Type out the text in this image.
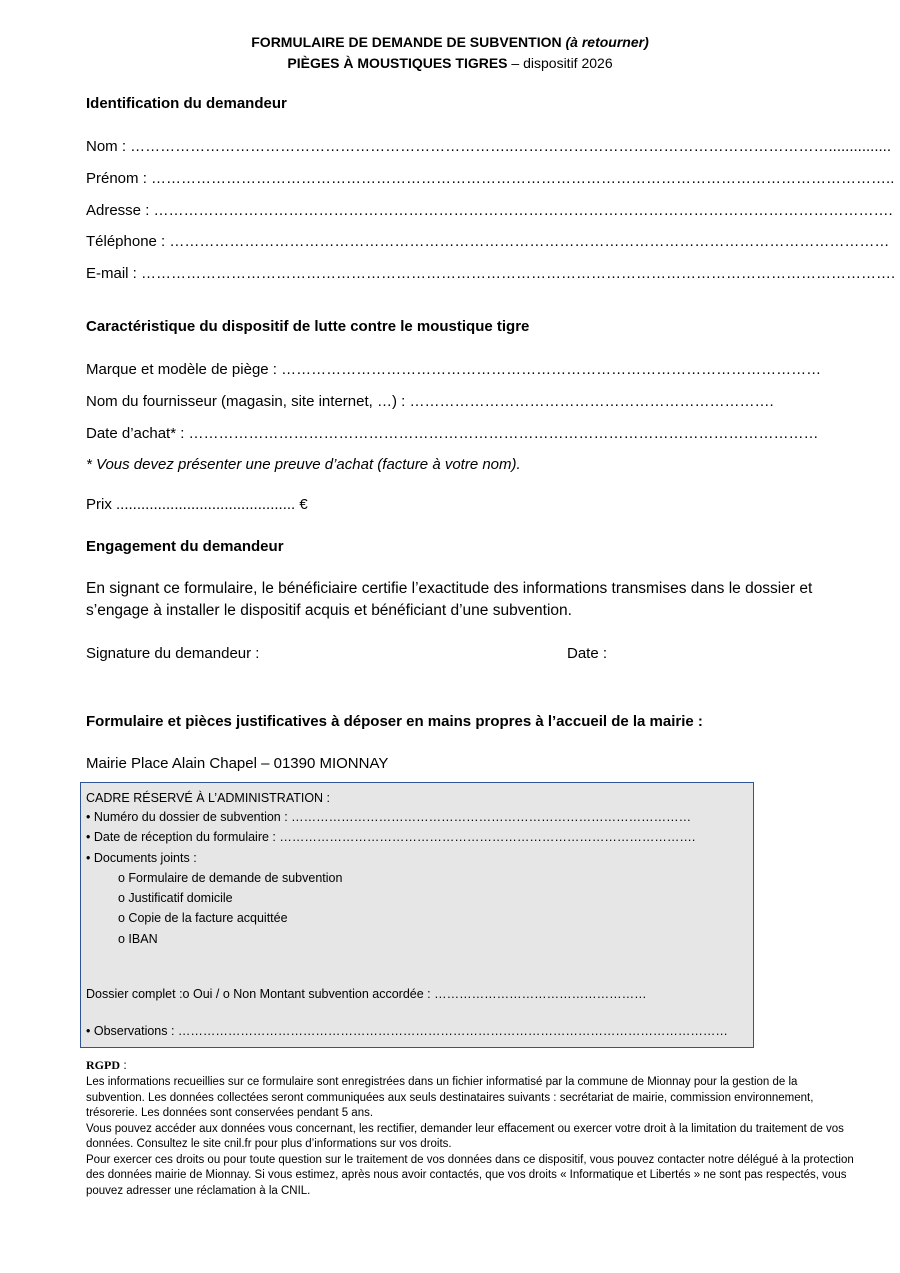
FORMULAIRE DE DEMANDE DE SUBVENTION (à retourner)
PIÈGES À MOUSTIQUES TIGRES – dispositif 2026
Identification du demandeur
Nom : …………………………………………………………………..………………………………………………………...............
Prénom : …………………………………………………………………………………………………………………………………..
Adresse : ………………………………………………………………………………………………………………………………….
Téléphone : ………………………………………………………………………………………………………………………………
E-mail : …………………………………………………………………………………………………………………………………….
Caractéristique du dispositif de lutte contre le moustique tigre
Marque et modèle de piège : ………………………………………………………………………………………………
Nom du fournisseur (magasin, site internet, …) : ……………………………………………………………….
Date d’achat* : ………………………………………………………………………………………………………………
* Vous devez présenter une preuve d’achat (facture à votre nom).
Prix ........................................... €
Engagement du demandeur
En signant ce formulaire, le bénéficiaire certifie l’exactitude des informations transmises dans le dossier et s’engage à installer le dispositif acquis et bénéficiant d’une subvention.
Signature du demandeur :	Date :
Formulaire et pièces justificatives à déposer en mains propres à l’accueil de la mairie :
Mairie Place Alain Chapel – 01390 MIONNAY
CADRE RÉSERVÉ À L’ADMINISTRATION :
• Numéro du dossier de subvention : ……………………………………………………………………………………
• Date de réception du formulaire : ……………………………………………………………………………………….
• Documents joints :
o Formulaire de demande de subvention
o Justificatif domicile
o Copie de la facture acquittée
o IBAN
Dossier complet :o Oui / o Non Montant subvention accordée : ……………………………………………
• Observations : ……………………………………………………………………………………………………………………
RGPD :
Les informations recueillies sur ce formulaire sont enregistrées dans un fichier informatisé par la commune de Mionnay pour la gestion de la subvention. Les données collectées seront communiquées aux seuls destinataires suivants : secrétariat de mairie, commission environnement, trésorerie. Les données sont conservées pendant 5 ans.
Vous pouvez accéder aux données vous concernant, les rectifier, demander leur effacement ou exercer votre droit à la limitation du traitement de vos données. Consultez le site cnil.fr pour plus d’informations sur vos droits.
Pour exercer ces droits ou pour toute question sur le traitement de vos données dans ce dispositif, vous pouvez contacter notre délégué à la protection des données mairie de Mionnay. Si vous estimez, après nous avoir contactés, que vos droits « Informatique et Libertés » ne sont pas respectés, vous pouvez adresser une réclamation à la CNIL.
